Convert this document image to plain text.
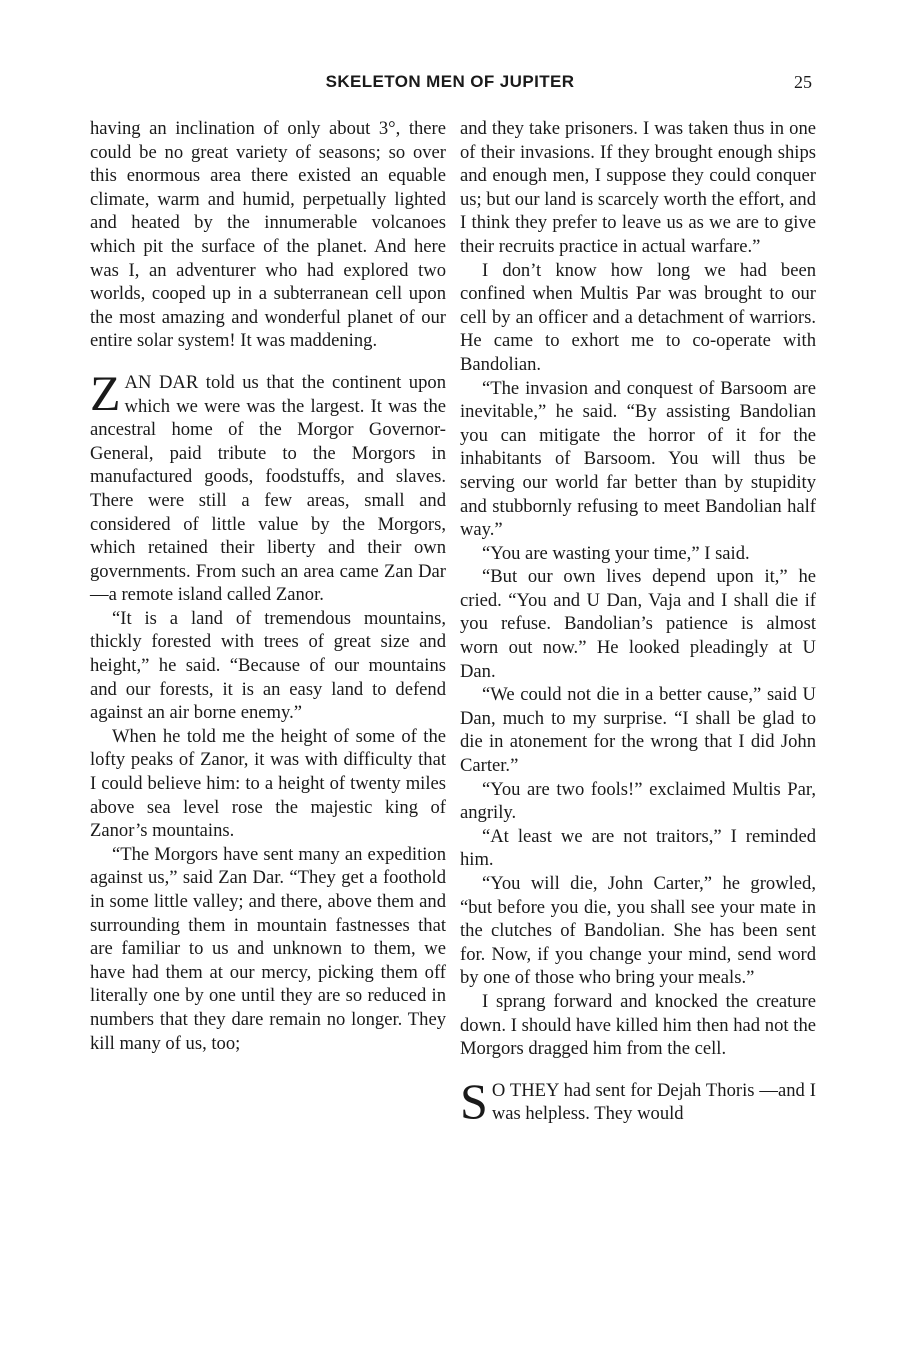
SKELETON MEN OF JUPITER	25

having an inclination of only about 3°, there could be no great variety of seasons; so over this enormous area there existed an equable climate, warm and humid, perpetually lighted and heated by the innumerable volcanoes which pit the surface of the planet. And here was I, an adventurer who had explored two worlds, cooped up in a subterranean cell upon the most amazing and wonderful planet of our entire solar system! It was maddening.

ZAN DAR told us that the continent upon which we were was the largest. It was the ancestral home of the Morgor Governor-General, paid tribute to the Morgors in manufactured goods, foodstuffs, and slaves. There were still a few areas, small and considered of little value by the Morgors, which retained their liberty and their own governments. From such an area came Zan Dar—a remote island called Zanor.

“It is a land of tremendous mountains, thickly forested with trees of great size and height,” he said. “Because of our mountains and our forests, it is an easy land to defend against an air borne enemy.”

When he told me the height of some of the lofty peaks of Zanor, it was with difficulty that I could believe him: to a height of twenty miles above sea level rose the majestic king of Zanor’s mountains.

“The Morgors have sent many an expedition against us,” said Zan Dar. “They get a foothold in some little valley; and there, above them and surrounding them in mountain fastnesses that are familiar to us and unknown to them, we have had them at our mercy, picking them off literally one by one until they are so reduced in numbers that they dare remain no longer. They kill many of us, too;

and they take prisoners. I was taken thus in one of their invasions. If they brought enough ships and enough men, I suppose they could conquer us; but our land is scarcely worth the effort, and I think they prefer to leave us as we are to give their recruits practice in actual warfare.”

I don’t know how long we had been confined when Multis Par was brought to our cell by an officer and a detachment of warriors. He came to exhort me to co-operate with Bandolian.

“The invasion and conquest of Barsoom are inevitable,” he said. “By assisting Bandolian you can mitigate the horror of it for the inhabitants of Barsoom. You will thus be serving our world far better than by stupidity and stubbornly refusing to meet Bandolian half way.”

“You are wasting your time,” I said.

“But our own lives depend upon it,” he cried. “You and U Dan, Vaja and I shall die if you refuse. Bandolian’s patience is almost worn out now.” He looked pleadingly at U Dan.

“We could not die in a better cause,” said U Dan, much to my surprise. “I shall be glad to die in atonement for the wrong that I did John Carter.”

“You are two fools!” exclaimed Multis Par, angrily.

“At least we are not traitors,” I reminded him.

“You will die, John Carter,” he growled, “but before you die, you shall see your mate in the clutches of Bandolian. She has been sent for. Now, if you change your mind, send word by one of those who bring your meals.”

I sprang forward and knocked the creature down. I should have killed him then had not the Morgors dragged him from the cell.

S O THEY had sent for Dejah Thoris —and I was helpless. They would
